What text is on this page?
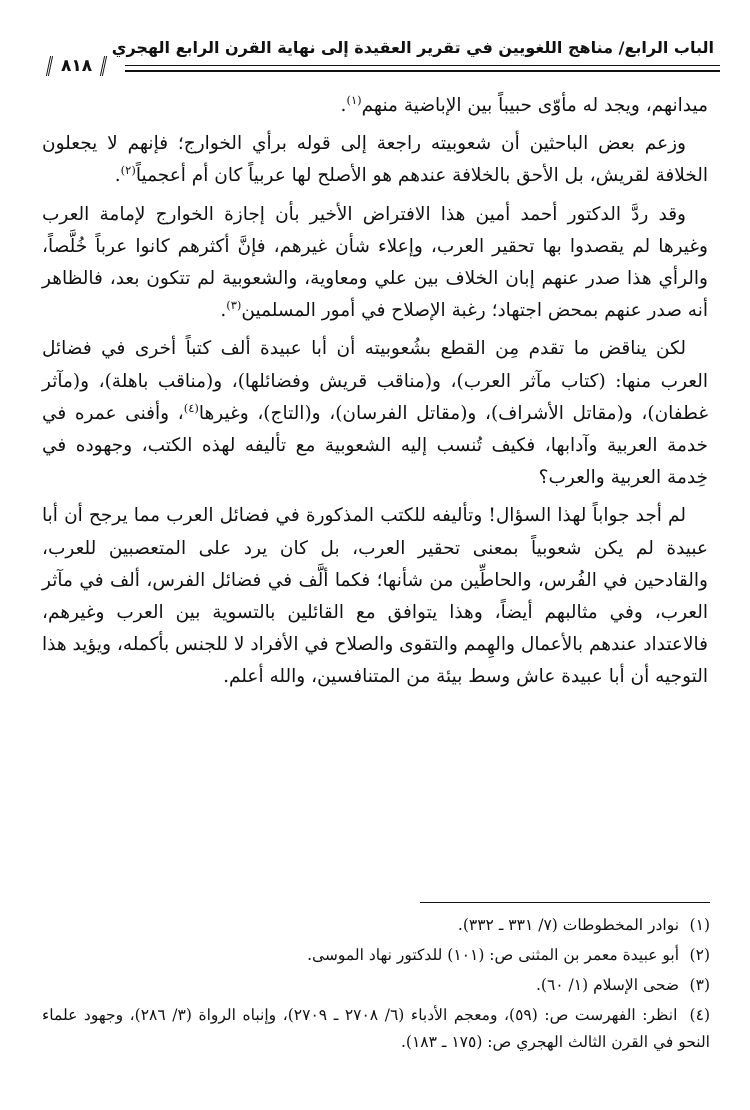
الباب الرابع/ مناهج اللغويين في تقرير العقيدة إلى نهاية القرن الرابع الهجري
٨١٨

ميدانهم، ويجد له مأوّى حبيباً بين الإباضية منهم$^{(١)}$.

وزعم بعض الباحثين أن شعوبيته راجعة إلى قوله برأي الخوارج؛ فإنهم لا يجعلون الخلافة لقريش، بل الأحق بالخلافة عندهم هو الأصلح لها عربياً كان أم أعجمياً$^{(٢)}$.

وقد ردَّ الدكتور أحمد أمين هذا الافتراض الأخير بأن إجازة الخوارج لإمامة العرب وغيرها لم يقصدوا بها تحقير العرب، وإعلاء شأن غيرهم، فإنَّ أكثرهم كانوا عرباً خُلَّصاً، والرأي هذا صدر عنهم إبان الخلاف بين علي ومعاوية، والشعوبية لم تتكون بعد، فالظاهر أنه صدر عنهم بمحض اجتهاد؛ رغبة الإصلاح في أمور المسلمين$^{(٣)}$.

لكن يناقض ما تقدم مِن القطع بشُعوبيته أن أبا عبيدة ألف كتباً أخرى في فضائل العرب منها: (كتاب مآثر العرب)، و(مناقب قريش وفضائلها)، و(مناقب باهلة)، و(مآثر غطفان)، و(مقاتل الأشراف)، و(مقاتل الفرسان)، و(التاج)، وغيرها$^{(٤)}$، وأفنى عمره في خدمة العربية وآدابها، فكيف تُنسب إليه الشعوبية مع تأليفه لهذه الكتب، وجهوده في خِدمة العربية والعرب؟

لم أجد جواباً لهذا السؤال! وتأليفه للكتب المذكورة في فضائل العرب مما يرجح أن أبا عبيدة لم يكن شعوبياً بمعنى تحقير العرب، بل كان يرد على المتعصبين للعرب، والقادحين في الفُرس، والحاطِّين من شأنها؛ فكما ألَّف في فضائل الفرس، ألف في مآثر العرب، وفي مثالبهم أيضاً، وهذا يتوافق مع القائلين بالتسوية بين العرب وغيرهم، فالاعتداد عندهم بالأعمال والهِمم والتقوى والصلاح في الأفراد لا للجنس بأكمله، ويؤيد هذا التوجيه أن أبا عبيدة عاش وسط بيئة من المتنافسين، والله أعلم.

(١) نوادر المخطوطات (٧/ ٣٣١ ـ ٣٣٢).
(٢) أبو عبيدة معمر بن المثنى ص: (١٠١) للدكتور نهاد الموسى.
(٣) ضحى الإسلام (١/ ٦٠).
(٤) انظر: الفهرست ص: (٥٩)، ومعجم الأدباء (٦/ ٢٧٠٨ ـ ٢٧٠٩)، وإنباه الرواة (٣/ ٢٨٦)، وجهود علماء النحو في القرن الثالث الهجري ص: (١٧٥ ـ ١٨٣).
